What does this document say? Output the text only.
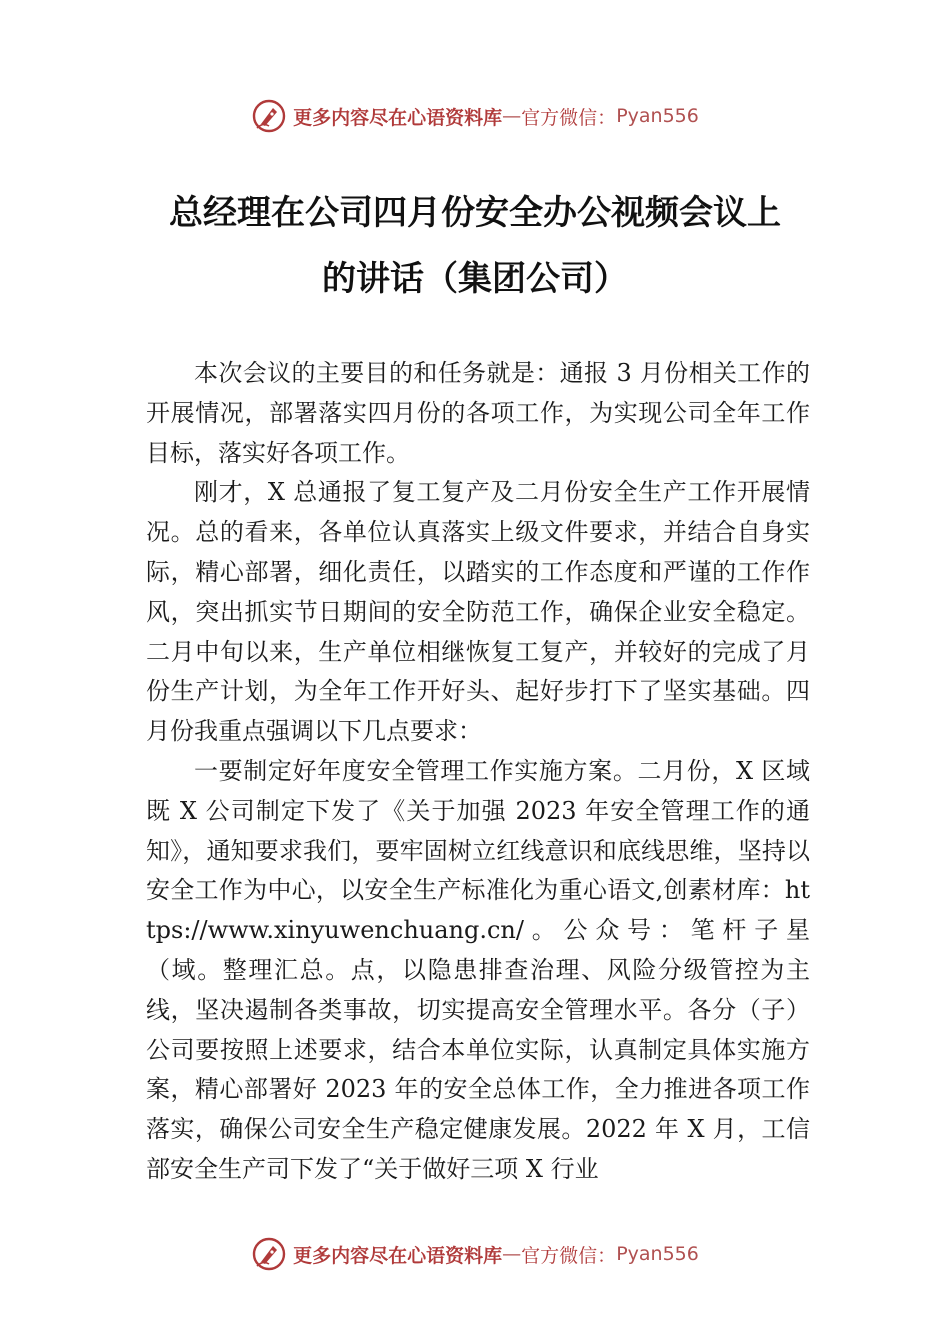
更多内容尽在心语资料库 — 官方微信： Pyan556
总经理在公司四月份安全办公视频会议上
的讲话（集团公司）

本次会议的主要目的和任务就是：通报 3 月份相关工作的开展情况，部署落实四月份的各项工作，为实现公司全年工作目标，落实好各项工作。

刚才，X 总通报了复工复产及二月份安全生产工作开展情况。总的看来，各单位认真落实上级文件要求，并结合自身实际，精心部署，细化责任，以踏实的工作态度和严谨的工作作风，突出抓实节日期间的安全防范工作，确保企业安全稳定。二月中旬以来，生产单位相继恢复工复产，并较好的完成了月份生产计划，为全年工作开好头、起好步打下了坚实基础。四月份我重点强调以下几点要求：

一要制定好年度安全管理工作实施方案。二月份，X 区域既 X 公司制定下发了《关于加强 2023 年安全管理工作的通知》，通知要求我们，要牢固树立红线意识和底线思维，坚持以安全工作为中心，以安全生产标准化为重心语文,创素材库：https://www.xinyuwenchuang.cn/。公众号：笔杆子星（域。整理汇总。点，以隐患排查治理、风险分级管控为主线，坚决遏制各类事故，切实提高安全管理水平。各分（子）公司要按照上述要求，结合本单位实际，认真制定具体实施方案，精心部署好 2023 年的安全总体工作，全力推进各项工作落实，确保公司安全生产稳定健康发展。2022 年 X 月，工信部安全生产司下发了“关于做好三项 X 行业

更多内容尽在心语资料库 — 官方微信： Pyan556
